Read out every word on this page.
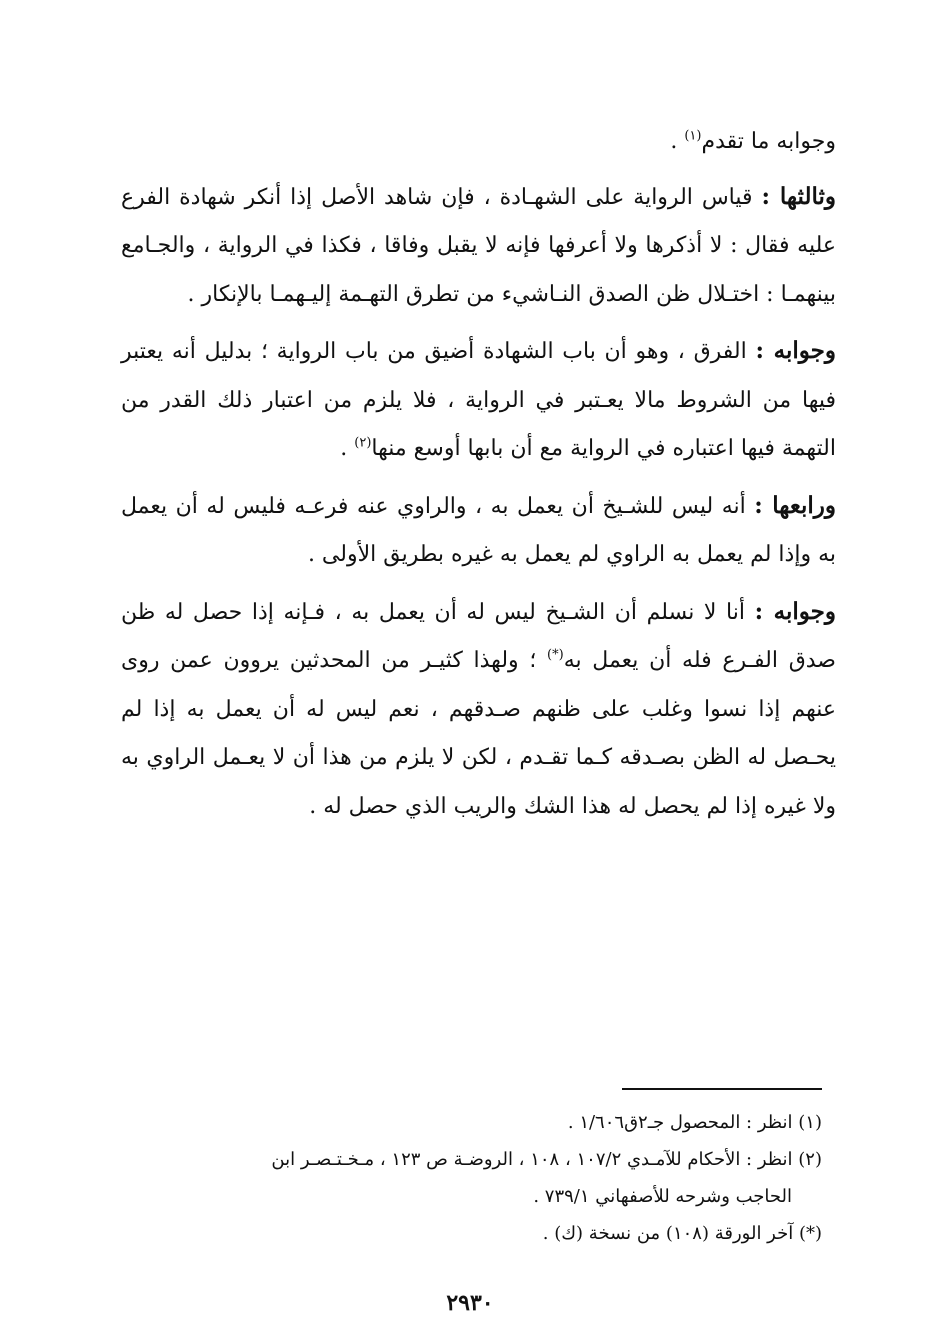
وجوابه ما تقدم$^{(١)}$ .

وثالثها : قياس الرواية على الشهـادة ، فإن شاهد الأصل إذا أنكر شهادة الفرع عليه فقال : لا أذكرها ولا أعرفها فإنه لا يقبل وفاقا ، فكذا في الرواية ، والجـامع بينهمـا : اختـلال ظن الصدق النـاشيء من تطرق التهـمة إليـهمـا بالإنكار .

وجوابه : الفرق ، وهو أن باب الشهادة أضيق من باب الرواية ؛ بدليل أنه يعتبر فيها من الشروط مالا يعـتبر في الرواية ، فلا يلزم من اعتبار ذلك القدر من التهمة فيها اعتباره في الرواية مع أن بابها أوسع منها$^{(٢)}$ .

ورابعها : أنه ليس للشـيخ أن يعمل به ، والراوي عنه فرعـه فليس له أن يعمل به وإذا لم يعمل به الراوي لم يعمل به غيره بطريق الأولى .

وجوابه : أنا لا نسلم أن الشـيخ ليس له أن يعمل به ، فـإنه إذا حصل له ظن صدق الفـرع فله أن يعمل به(*) ؛ ولهذا كثيـر من المحدثين يروون عمن روى عنهم إذا نسوا وغلب على ظنهم صـدقهم ، نعم ليس له أن يعمل به إذا لم يحـصل له الظن بصـدقه كـما تقـدم ، لكن لا يلزم من هذا أن لا يعـمل الراوي به ولا غيره إذا لم يحصل له هذا الشك والريب الذي حصل له .

(١) انظر : المحصول جـ٢ق١/٦٠٦ .

(٢) انظر : الأحكام للآمـدي ١٠٧/٢ ، ١٠٨ ، الروضـة ص ١٢٣ ، مـخـتـصـر ابن

الحاجب وشرحه للأصفهاني ٧٣٩/١ .

(*) آخر الورقة (١٠٨) من نسخة (ك) .

٢٩٣٠
